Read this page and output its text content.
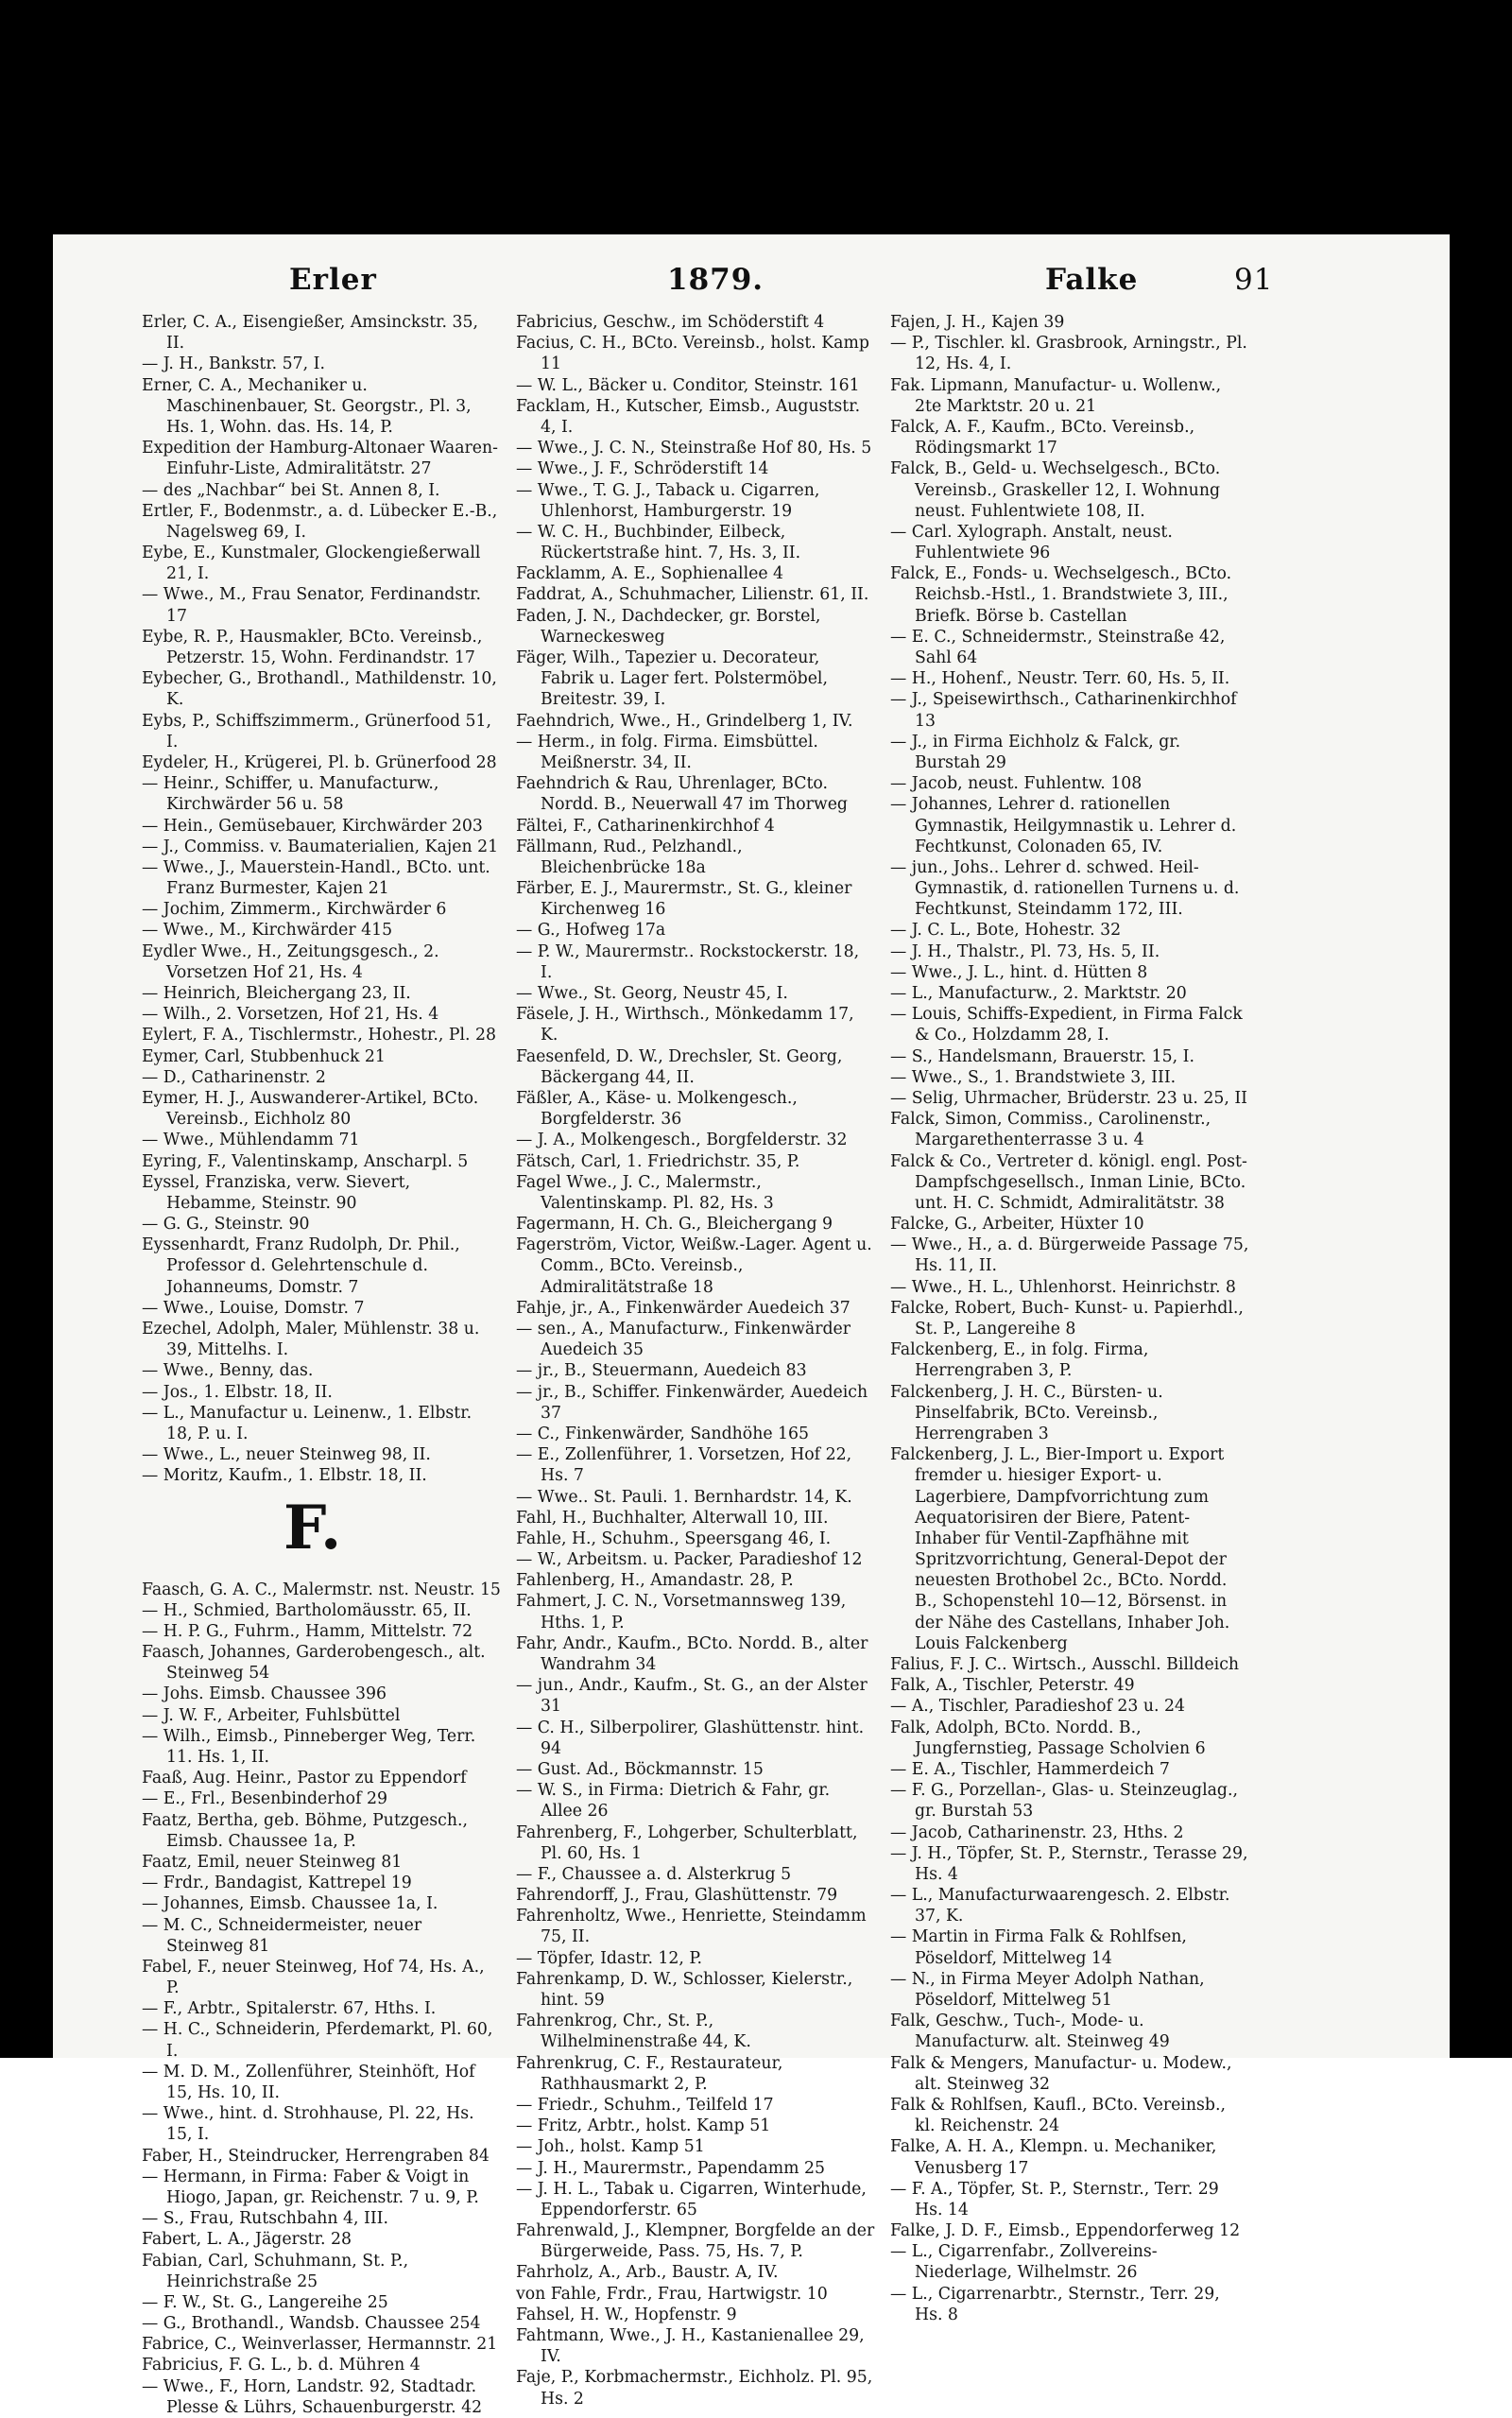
Erler	1879.	Falke	91

Erler, C. A., Eisengießer, Amsinckstr. 35, II.

— J. H., Bankstr. 57, I.

Erner, C. A., Mechaniker u. Maschinenbauer, St. Georgstr., Pl. 3, Hs. 1, Wohn. das. Hs. 14, P.

Expedition der Hamburg-Altonaer Waaren-Einfuhr-Liste, Admiralitätstr. 27

— des „Nachbar“ bei St. Annen 8, I.

Ertler, F., Bodenmstr., a. d. Lübecker E.-B., Nagelsweg 69, I.

Eybe, E., Kunstmaler, Glockengießerwall 21, I.

— Wwe., M., Frau Senator, Ferdinandstr. 17

Eybe, R. P., Hausmakler, BCto. Vereinsb., Petzerstr. 15, Wohn. Ferdinandstr. 17

Eybecher, G., Brothandl., Mathildenstr. 10, K.

Eybs, P., Schiffszimmerm., Grünerfood 51, I.

Eydeler, H., Krügerei, Pl. b. Grünerfood 28

— Heinr., Schiffer, u. Manufacturw., Kirchwärder 56 u. 58

— Hein., Gemüsebauer, Kirchwärder 203

— J., Commiss. v. Baumaterialien, Kajen 21

— Wwe., J., Mauerstein-Handl., BCto. unt. Franz Burmester, Kajen 21

— Jochim, Zimmerm., Kirchwärder 6

— Wwe., M., Kirchwärder 415

Eydler Wwe., H., Zeitungsgesch., 2. Vorsetzen Hof 21, Hs. 4

— Heinrich, Bleichergang 23, II.

— Wilh., 2. Vorsetzen, Hof 21, Hs. 4

Eylert, F. A., Tischlermstr., Hohestr., Pl. 28

Eymer, Carl, Stubbenhuck 21

— D., Catharinenstr. 2

Eymer, H. J., Auswanderer-Artikel, BCto. Vereinsb., Eichholz 80

— Wwe., Mühlendamm 71

Eyring, F., Valentinskamp, Anscharpl. 5

Eyssel, Franziska, verw. Sievert, Hebamme, Steinstr. 90

— G. G., Steinstr. 90

Eyssenhardt, Franz Rudolph, Dr. Phil., Professor d. Gelehrtenschule d. Johanneums, Domstr. 7

— Wwe., Louise, Domstr. 7

Ezechel, Adolph, Maler, Mühlenstr. 38 u. 39, Mittelhs. I.

— Wwe., Benny, das.

— Jos., 1. Elbstr. 18, II.

— L., Manufactur u. Leinenw., 1. Elbstr. 18, P. u. I.

— Wwe., L., neuer Steinweg 98, II.

— Moritz, Kaufm., 1. Elbstr. 18, II.

F.

Faasch, G. A. C., Malermstr. nst. Neustr. 15

— H., Schmied, Bartholomäusstr. 65, II.

— H. P. G., Fuhrm., Hamm, Mittelstr. 72

Faasch, Johannes, Garderobengesch., alt. Steinweg 54

— Johs. Eimsb. Chaussee 396

— J. W. F., Arbeiter, Fuhlsbüttel

— Wilh., Eimsb., Pinneberger Weg, Terr. 11. Hs. 1, II.

Faaß, Aug. Heinr., Pastor zu Eppendorf

— E., Frl., Besenbinderhof 29

Faatz, Bertha, geb. Böhme, Putzgesch., Eimsb. Chaussee 1a, P.

Faatz, Emil, neuer Steinweg 81

— Frdr., Bandagist, Kattrepel 19

— Johannes, Eimsb. Chaussee 1a, I.

— M. C., Schneidermeister, neuer Steinweg 81

Fabel, F., neuer Steinweg, Hof 74, Hs. A., P.

— F., Arbtr., Spitalerstr. 67, Hths. I.

— H. C., Schneiderin, Pferdemarkt, Pl. 60, I.

— M. D. M., Zollenführer, Steinhöft, Hof 15, Hs. 10, II.

— Wwe., hint. d. Strohhause, Pl. 22, Hs. 15, I.

Faber, H., Steindrucker, Herrengraben 84

— Hermann, in Firma: Faber & Voigt in Hiogo, Japan, gr. Reichenstr. 7 u. 9, P.

— S., Frau, Rutschbahn 4, III.

Fabert, L. A., Jägerstr. 28

Fabian, Carl, Schuhmann, St. P., Heinrichstraße 25

— F. W., St. G., Langereihe 25

— G., Brothandl., Wandsb. Chaussee 254

Fabrice, C., Weinverlasser, Hermannstr. 21

Fabricius, F. G. L., b. d. Mühren 4

— Wwe., F., Horn, Landstr. 92, Stadtadr. Plesse & Lührs, Schauenburgerstr. 42

Fabricius, Geschw., im Schöderstift 4

Facius, C. H., BCto. Vereinsb., holst. Kamp 11

— W. L., Bäcker u. Conditor, Steinstr. 161

Facklam, H., Kutscher, Eimsb., Auguststr. 4, I.

— Wwe., J. C. N., Steinstraße Hof 80, Hs. 5

— Wwe., J. F., Schröderstift 14

— Wwe., T. G. J., Taback u. Cigarren, Uhlenhorst, Hamburgerstr. 19

— W. C. H., Buchbinder, Eilbeck, Rückertstraße hint. 7, Hs. 3, II.

Facklamm, A. E., Sophienallee 4

Faddrat, A., Schuhmacher, Lilienstr. 61, II.

Faden, J. N., Dachdecker, gr. Borstel, Warneckesweg

Fäger, Wilh., Tapezier u. Decorateur, Fabrik u. Lager fert. Polstermöbel, Breitestr. 39, I.

Faehndrich, Wwe., H., Grindelberg 1, IV.

— Herm., in folg. Firma. Eimsbüttel. Meißnerstr. 34, II.

Faehndrich & Rau, Uhrenlager, BCto. Nordd. B., Neuerwall 47 im Thorweg

Fältei, F., Catharinenkirchhof 4

Fällmann, Rud., Pelzhandl., Bleichenbrücke 18a

Färber, E. J., Maurermstr., St. G., kleiner Kirchenweg 16

— G., Hofweg 17a

— P. W., Maurermstr.. Rockstockerstr. 18, I.

— Wwe., St. Georg, Neustr 45, I.

Fäsele, J. H., Wirthsch., Mönkedamm 17, K.

Faesenfeld, D. W., Drechsler, St. Georg, Bäckergang 44, II.

Fäßler, A., Käse- u. Molkengesch., Borgfelderstr. 36

— J. A., Molkengesch., Borgfelderstr. 32

Fätsch, Carl, 1. Friedrichstr. 35, P.

Fagel Wwe., J. C., Malermstr., Valentinskamp. Pl. 82, Hs. 3

Fagermann, H. Ch. G., Bleichergang 9

Fagerström, Victor, Weißw.-Lager. Agent u. Comm., BCto. Vereinsb., Admiralitätstraße 18

Fahje, jr., A., Finkenwärder Auedeich 37

— sen., A., Manufacturw., Finkenwärder Auedeich 35

— jr., B., Steuermann, Auedeich 83

— jr., B., Schiffer. Finkenwärder, Auedeich 37

— C., Finkenwärder, Sandhöhe 165

— E., Zollenführer, 1. Vorsetzen, Hof 22, Hs. 7

— Wwe.. St. Pauli. 1. Bernhardstr. 14, K.

Fahl, H., Buchhalter, Alterwall 10, III.

Fahle, H., Schuhm., Speersgang 46, I.

— W., Arbeitsm. u. Packer, Paradieshof 12

Fahlenberg, H., Amandastr. 28, P.

Fahmert, J. C. N., Vorsetmannsweg 139, Hths. 1, P.

Fahr, Andr., Kaufm., BCto. Nordd. B., alter Wandrahm 34

— jun., Andr., Kaufm., St. G., an der Alster 31

— C. H., Silberpolirer, Glashüttenstr. hint. 94

— Gust. Ad., Böckmannstr. 15

— W. S., in Firma: Dietrich & Fahr, gr. Allee 26

Fahrenberg, F., Lohgerber, Schulterblatt, Pl. 60, Hs. 1

— F., Chaussee a. d. Alsterkrug 5

Fahrendorff, J., Frau, Glashüttenstr. 79

Fahrenholtz, Wwe., Henriette, Steindamm 75, II.

— Töpfer, Idastr. 12, P.

Fahrenkamp, D. W., Schlosser, Kielerstr., hint. 59

Fahrenkrog, Chr., St. P., Wilhelminenstraße 44, K.

Fahrenkrug, C. F., Restaurateur, Rathhausmarkt 2, P.

— Friedr., Schuhm., Teilfeld 17

— Fritz, Arbtr., holst. Kamp 51

— Joh., holst. Kamp 51

— J. H., Maurermstr., Papendamm 25

— J. H. L., Tabak u. Cigarren, Winterhude, Eppendorferstr. 65

Fahrenwald, J., Klempner, Borgfelde an der Bürgerweide, Pass. 75, Hs. 7, P.

Fahrholz, A., Arb., Baustr. A, IV.

von Fahle, Frdr., Frau, Hartwigstr. 10

Fahsel, H. W., Hopfenstr. 9

Fahtmann, Wwe., J. H., Kastanienallee 29, IV.

Faje, P., Korbmachermstr., Eichholz. Pl. 95, Hs. 2

Fajen, J. H., Kajen 39

— P., Tischler. kl. Grasbrook, Arningstr., Pl. 12, Hs. 4, I.

Fak. Lipmann, Manufactur- u. Wollenw., 2te Marktstr. 20 u. 21

Falck, A. F., Kaufm., BCto. Vereinsb., Rödingsmarkt 17

Falck, B., Geld- u. Wechselgesch., BCto. Vereinsb., Graskeller 12, I. Wohnung neust. Fuhlentwiete 108, II.

— Carl. Xylograph. Anstalt, neust. Fuhlentwiete 96

Falck, E., Fonds- u. Wechselgesch., BCto. Reichsb.-Hstl., 1. Brandstwiete 3, III., Briefk. Börse b. Castellan

— E. C., Schneidermstr., Steinstraße 42, Sahl 64

— H., Hohenf., Neustr. Terr. 60, Hs. 5, II.

— J., Speisewirthsch., Catharinenkirchhof 13

— J., in Firma Eichholz & Falck, gr. Burstah 29

— Jacob, neust. Fuhlentw. 108

— Johannes, Lehrer d. rationellen Gymnastik, Heilgymnastik u. Lehrer d. Fechtkunst, Colonaden 65, IV.

— jun., Johs.. Lehrer d. schwed. Heil-Gymnastik, d. rationellen Turnens u. d. Fechtkunst, Steindamm 172, III.

— J. C. L., Bote, Hohestr. 32

— J. H., Thalstr., Pl. 73, Hs. 5, II.

— Wwe., J. L., hint. d. Hütten 8

— L., Manufacturw., 2. Marktstr. 20

— Louis, Schiffs-Expedient, in Firma Falck & Co., Holzdamm 28, I.

— S., Handelsmann, Brauerstr. 15, I.

— Wwe., S., 1. Brandstwiete 3, III.

— Selig, Uhrmacher, Brüderstr. 23 u. 25, II

Falck, Simon, Commiss., Carolinenstr., Margarethenterrasse 3 u. 4

Falck & Co., Vertreter d. königl. engl. Post-Dampfschgesellsch., Inman Linie, BCto. unt. H. C. Schmidt, Admiralitätstr. 38

Falcke, G., Arbeiter, Hüxter 10

— Wwe., H., a. d. Bürgerweide Passage 75, Hs. 11, II.

— Wwe., H. L., Uhlenhorst. Heinrichstr. 8

Falcke, Robert, Buch- Kunst- u. Papierhdl., St. P., Langereihe 8

Falckenberg, E., in folg. Firma, Herrengraben 3, P.

Falckenberg, J. H. C., Bürsten- u. Pinselfabrik, BCto. Vereinsb., Herrengraben 3

Falckenberg, J. L., Bier-Import u. Export fremder u. hiesiger Export- u. Lagerbiere, Dampfvorrichtung zum Aequatorisiren der Biere, Patent-Inhaber für Ventil-Zapfhähne mit Spritzvorrichtung, General-Depot der neuesten Brothobel 2c., BCto. Nordd. B., Schopenstehl 10—12, Börsenst. in der Nähe des Castellans, Inhaber Joh. Louis Falckenberg

Falius, F. J. C.. Wirtsch., Ausschl. Billdeich

Falk, A., Tischler, Peterstr. 49

— A., Tischler, Paradieshof 23 u. 24

Falk, Adolph, BCto. Nordd. B., Jungfernstieg, Passage Scholvien 6

— E. A., Tischler, Hammerdeich 7

— F. G., Porzellan-, Glas- u. Steinzeuglag., gr. Burstah 53

— Jacob, Catharinenstr. 23, Hths. 2

— J. H., Töpfer, St. P., Sternstr., Terasse 29, Hs. 4

— L., Manufacturwaarengesch. 2. Elbstr. 37, K.

— Martin in Firma Falk & Rohlfsen, Pöseldorf, Mittelweg 14

— N., in Firma Meyer Adolph Nathan, Pöseldorf, Mittelweg 51

Falk, Geschw., Tuch-, Mode- u. Manufacturw. alt. Steinweg 49

Falk & Mengers, Manufactur- u. Modew., alt. Steinweg 32

Falk & Rohlfsen, Kaufl., BCto. Vereinsb., kl. Reichenstr. 24

Falke, A. H. A., Klempn. u. Mechaniker, Venusberg 17

— F. A., Töpfer, St. P., Sternstr., Terr. 29 Hs. 14

Falke, J. D. F., Eimsb., Eppendorferweg 12

— L., Cigarrenfabr., Zollvereins-Niederlage, Wilhelmstr. 26

— L., Cigarrenarbtr., Sternstr., Terr. 29, Hs. 8
